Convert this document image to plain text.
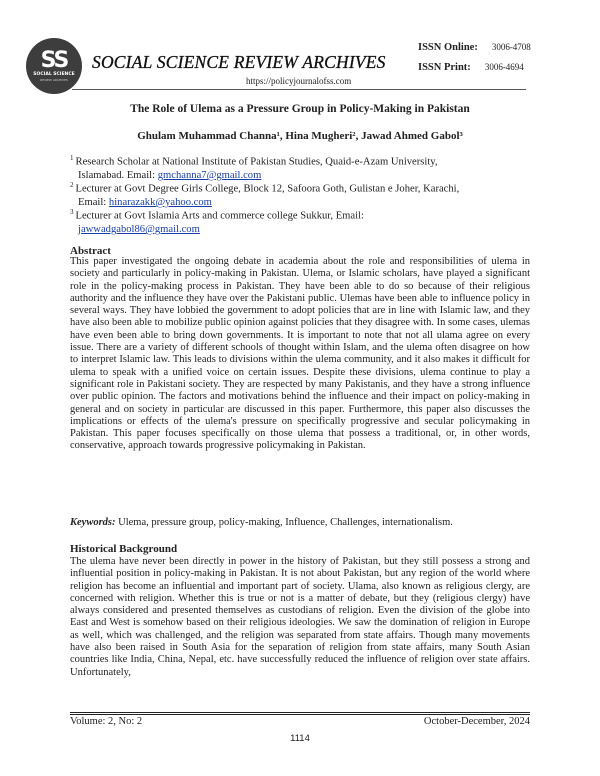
SS
SOCIAL SCIENCE
REVIEW ARCHIVES
SOCIAL SCIENCE REVIEW ARCHIVES
https://policyjournalofss.com
ISSN Online: 3006-4708
ISSN Print: 3006-4694
The Role of Ulema as a Pressure Group in Policy-Making in Pakistan
Ghulam Muhammad Channa¹, Hina Mugheri², Jawad Ahmed Gabol³
$^1$ Research Scholar at National Institute of Pakistan Studies, Quaid-e-Azam University,
Islamabad. Email: gmchanna7@gmail.com
$^2$ Lecturer at Govt Degree Girls College, Block 12, Safoora Goth, Gulistan e Joher, Karachi,
Email: hinarazakk@yahoo.com
$^3$ Lecturer at Govt Islamia Arts and commerce college Sukkur, Email:
jawwadgabol86@gmail.com
Abstract
This paper investigated the ongoing debate in academia about the role and responsibilities of ulema in society and particularly in policy-making in Pakistan. Ulema, or Islamic scholars, have played a significant role in the policy-making process in Pakistan. They have been able to do so because of their religious authority and the influence they have over the Pakistani public. Ulemas have been able to influence policy in several ways. They have lobbied the government to adopt policies that are in line with Islamic law, and they have also been able to mobilize public opinion against policies that they disagree with. In some cases, ulemas have even been able to bring down governments. It is important to note that not all ulama agree on every issue. There are a variety of different schools of thought within Islam, and the ulema often disagree on how to interpret Islamic law. This leads to divisions within the ulema community, and it also makes it difficult for ulema to speak with a unified voice on certain issues. Despite these divisions, ulema continue to play a significant role in Pakistani society. They are respected by many Pakistanis, and they have a strong influence over public opinion. The factors and motivations behind the influence and their impact on policy-making in general and on society in particular are discussed in this paper. Furthermore, this paper also discusses the implications or effects of the ulema's pressure on specifically progressive and secular policymaking in Pakistan. This paper focuses specifically on those ulema that possess a traditional, or, in other words, conservative, approach towards progressive policymaking in Pakistan.
Keywords: Ulema, pressure group, policy-making, Influence, Challenges, internationalism.
Historical Background
The ulema have never been directly in power in the history of Pakistan, but they still possess a strong and influential position in policy-making in Pakistan. It is not about Pakistan, but any region of the world where religion has become an influential and important part of society. Ulama, also known as religious clergy, are concerned with religion. Whether this is true or not is a matter of debate, but they (religious clergy) have always considered and presented themselves as custodians of religion. Even the division of the globe into East and West is somehow based on their religious ideologies. We saw the domination of religion in Europe as well, which was challenged, and the religion was separated from state affairs. Though many movements have also been raised in South Asia for the separation of religion from state affairs, many South Asian countries like India, China, Nepal, etc. have successfully reduced the influence of religion over state affairs. Unfortunately,
Volume: 2, No: 2	October-December, 2024
1114
